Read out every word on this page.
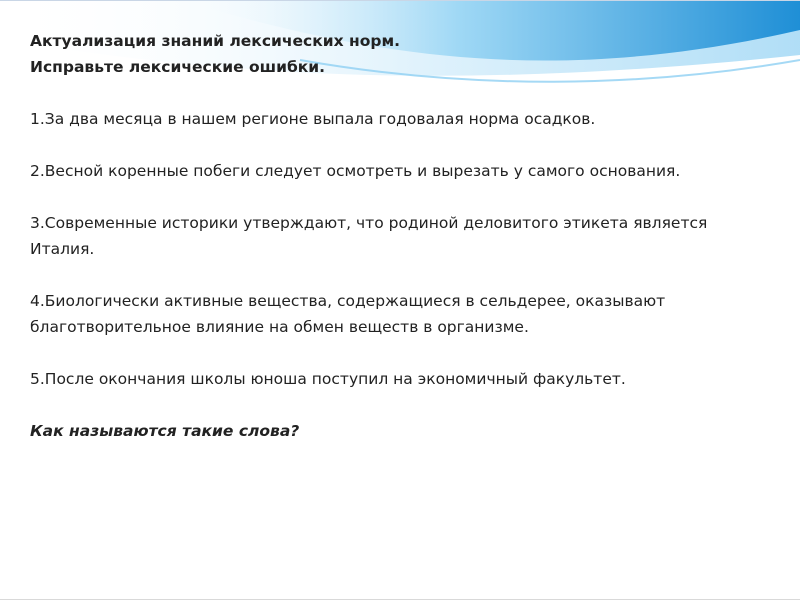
Актуализация знаний лексических норм.

Исправьте лексические ошибки.

1.За два месяца в нашем регионе выпала годовалая норма осадков.

2.Весной коренные побеги следует осмотреть и вырезать у самого основания.

3.Современные историки утверждают, что родиной деловитого этикета является Италия.

4.Биологически активные вещества, содержащиеся в сельдерее, оказывают благотворительное влияние на обмен веществ в организме.

5.После окончания школы юноша поступил на экономичный факультет.

Как называются такие слова?
